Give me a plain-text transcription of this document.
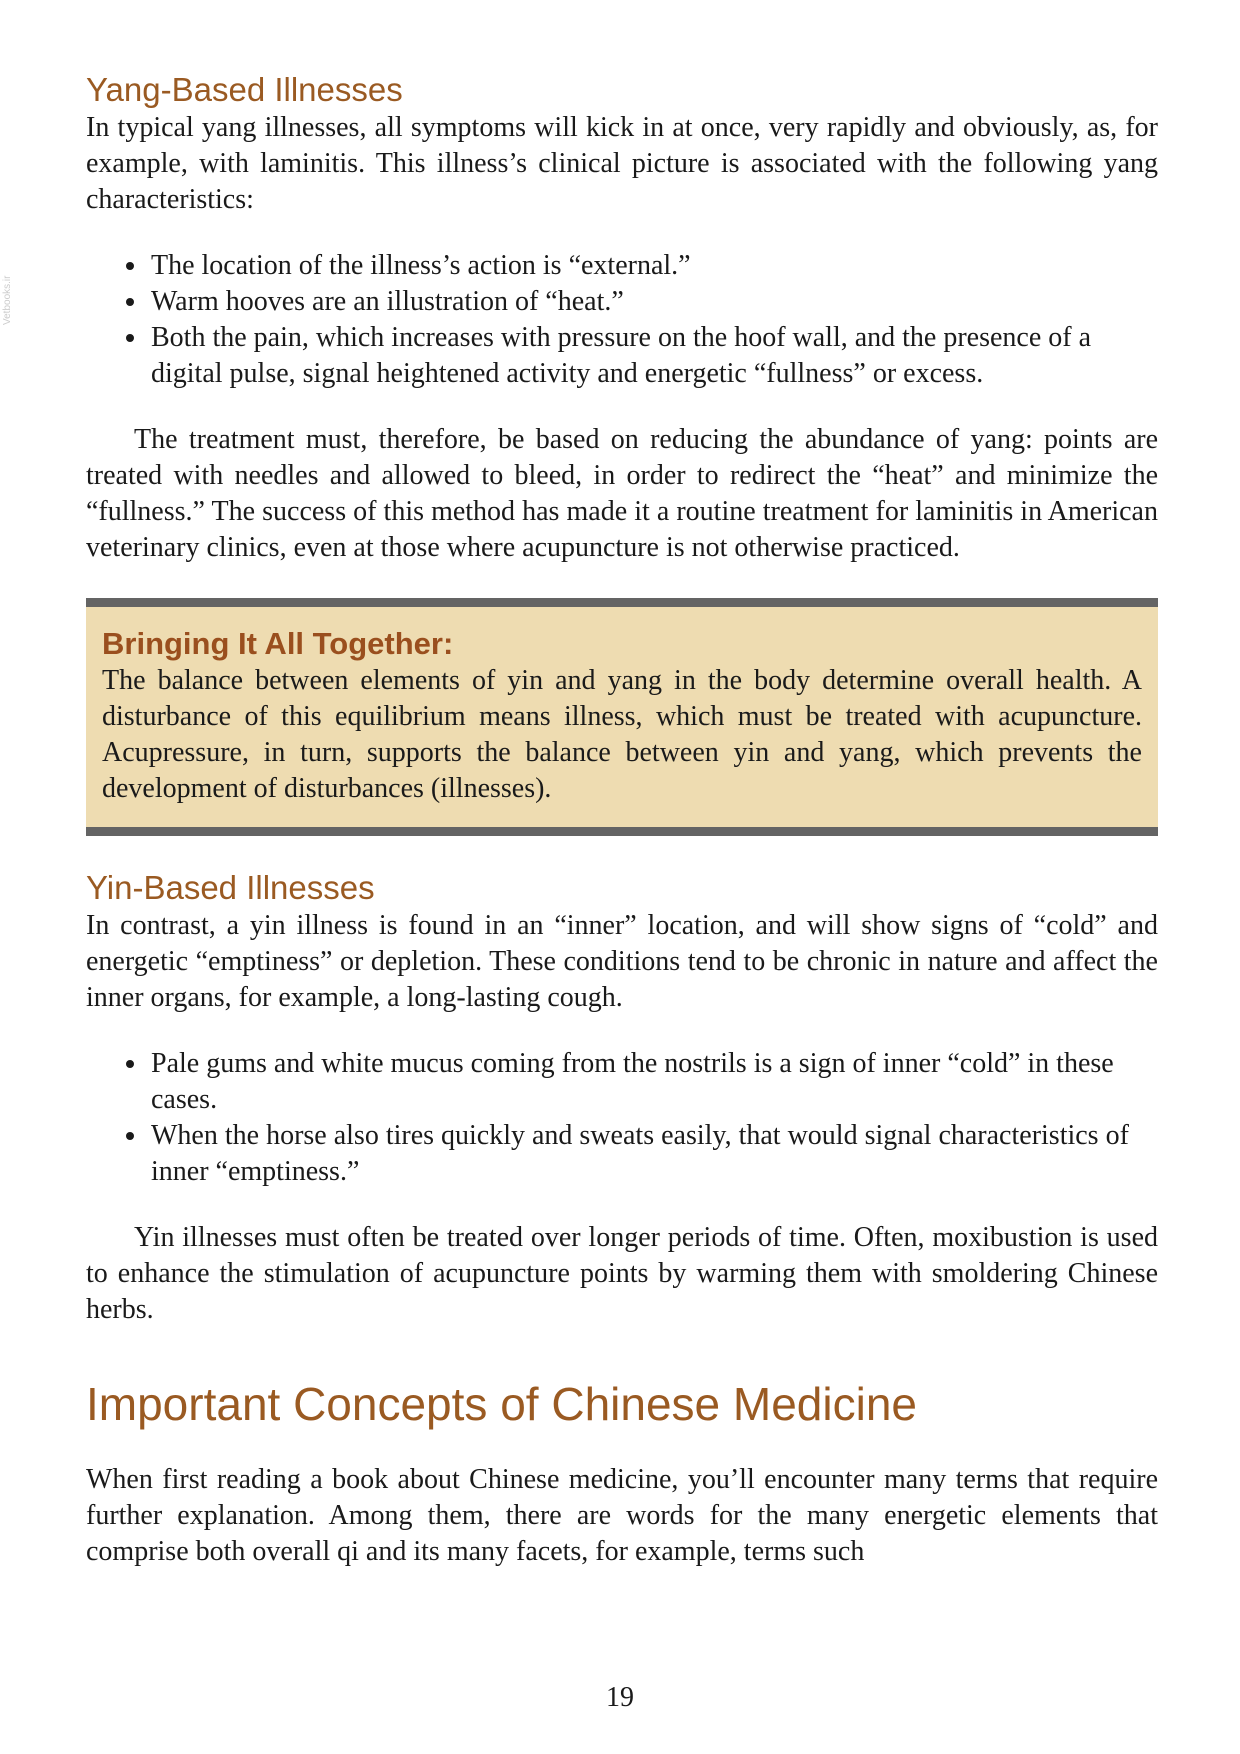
Vetbooks.ir
Yang-Based Illnesses

In typical yang illnesses, all symptoms will kick in at once, very rapidly and obviously, as, for example, with laminitis. This illness’s clinical picture is associated with the following yang characteristics:

• The location of the illness’s action is “external.”
• Warm hooves are an illustration of “heat.”
• Both the pain, which increases with pressure on the hoof wall, and the presence of a digital pulse, signal heightened activity and energetic “fullness” or excess.

The treatment must, therefore, be based on reducing the abundance of yang: points are treated with needles and allowed to bleed, in order to redirect the “heat” and minimize the “fullness.” The success of this method has made it a routine treatment for laminitis in American veterinary clinics, even at those where acupuncture is not otherwise practiced.

Bringing It All Together:

The balance between elements of yin and yang in the body determine overall health. A disturbance of this equilibrium means illness, which must be treated with acupuncture. Acupressure, in turn, supports the balance between yin and yang, which prevents the development of disturbances (illnesses).

Yin-Based Illnesses

In contrast, a yin illness is found in an “inner” location, and will show signs of “cold” and energetic “emptiness” or depletion. These conditions tend to be chronic in nature and affect the inner organs, for example, a long-lasting cough.

• Pale gums and white mucus coming from the nostrils is a sign of inner “cold” in these cases.
• When the horse also tires quickly and sweats easily, that would signal characteristics of inner “emptiness.”

Yin illnesses must often be treated over longer periods of time. Often, moxibustion is used to enhance the stimulation of acupuncture points by warming them with smoldering Chinese herbs.

Important Concepts of Chinese Medicine

When first reading a book about Chinese medicine, you’ll encounter many terms that require further explanation. Among them, there are words for the many energetic elements that comprise both overall qi and its many facets, for example, terms such

19
